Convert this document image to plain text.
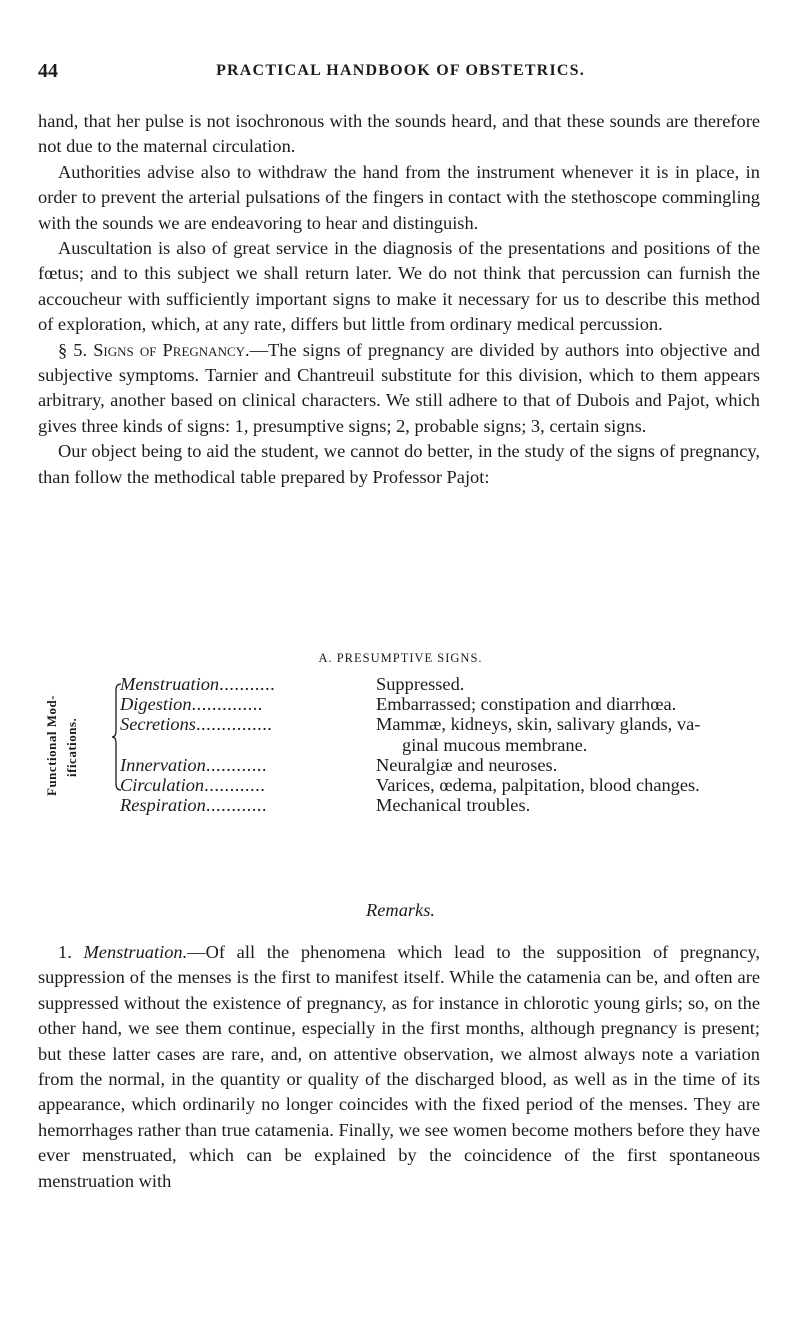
44	PRACTICAL HANDBOOK OF OBSTETRICS.

hand, that her pulse is not isochronous with the sounds heard, and that these sounds are therefore not due to the maternal circulation.

Authorities advise also to withdraw the hand from the instrument whenever it is in place, in order to prevent the arterial pulsations of the fingers in contact with the stethoscope commingling with the sounds we are endeavoring to hear and distinguish.

Auscultation is also of great service in the diagnosis of the presentations and positions of the fœtus; and to this subject we shall return later. We do not think that percussion can furnish the accoucheur with sufficiently important signs to make it necessary for us to describe this method of exploration, which, at any rate, differs but little from ordinary medical percussion.

§ 5. Signs of Pregnancy.—The signs of pregnancy are divided by authors into objective and subjective symptoms. Tarnier and Chantreuil substitute for this division, which to them appears arbitrary, another based on clinical characters. We still adhere to that of Dubois and Pajot, which gives three kinds of signs: 1, presumptive signs; 2, probable signs; 3, certain signs.

Our object being to aid the student, we cannot do better, in the study of the signs of pregnancy, than follow the methodical table prepared by Professor Pajot:

A. PRESUMPTIVE SIGNS.
Functional Mod- ifications.
Menstruation...........	Suppressed.
Digestion..............	Embarrassed; constipation and diarrhœa.
Secretions...............	Mammæ, kidneys, skin, salivary glands, va-
ginal mucous membrane.
Innervation............	Neuralgiæ and neuroses.
Circulation............	Varices, œdema, palpitation, blood changes.
Respiration............	Mechanical troubles.
Remarks.

1. Menstruation.—Of all the phenomena which lead to the supposition of pregnancy, suppression of the menses is the first to manifest itself. While the catamenia can be, and often are suppressed without the existence of pregnancy, as for instance in chlorotic young girls; so, on the other hand, we see them continue, especially in the first months, although pregnancy is present; but these latter cases are rare, and, on attentive observation, we almost always note a variation from the normal, in the quantity or quality of the discharged blood, as well as in the time of its appearance, which ordinarily no longer coincides with the fixed period of the menses. They are hemorrhages rather than true catamenia. Finally, we see women become mothers before they have ever menstruated, which can be explained by the coincidence of the first spontaneous menstruation with
